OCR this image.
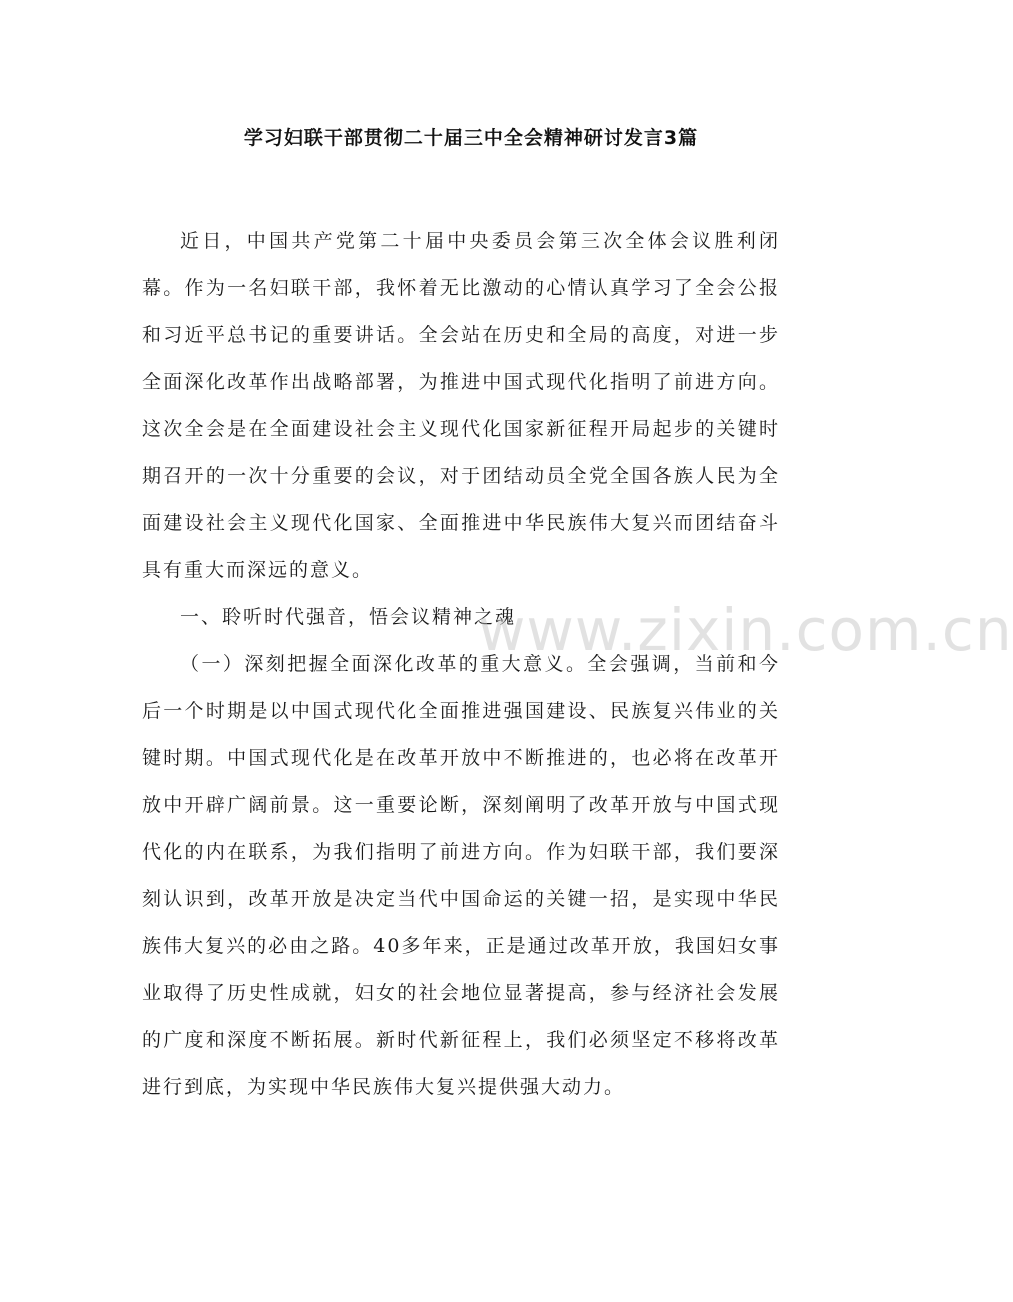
学习妇联干部贯彻二十届三中全会精神研讨发言3篇

近日，中国共产党第二十届中央委员会第三次全体会议胜利闭幕。作为一名妇联干部，我怀着无比激动的心情认真学习了全会公报和习近平总书记的重要讲话。全会站在历史和全局的高度，对进一步全面深化改革作出战略部署，为推进中国式现代化指明了前进方向。这次全会是在全面建设社会主义现代化国家新征程开局起步的关键时期召开的一次十分重要的会议，对于团结动员全党全国各族人民为全面建设社会主义现代化国家、全面推进中华民族伟大复兴而团结奋斗具有重大而深远的意义。

一、聆听时代强音，悟会议精神之魂

（一）深刻把握全面深化改革的重大意义。全会强调，当前和今后一个时期是以中国式现代化全面推进强国建设、民族复兴伟业的关键时期。中国式现代化是在改革开放中不断推进的，也必将在改革开放中开辟广阔前景。这一重要论断，深刻阐明了改革开放与中国式现代化的内在联系，为我们指明了前进方向。作为妇联干部，我们要深刻认识到，改革开放是决定当代中国命运的关键一招，是实现中华民族伟大复兴的必由之路。40多年来，正是通过改革开放，我国妇女事业取得了历史性成就，妇女的社会地位显著提高，参与经济社会发展的广度和深度不断拓展。新时代新征程上，我们必须坚定不移将改革进行到底，为实现中华民族伟大复兴提供强大动力。

www.zixin.com.cn
